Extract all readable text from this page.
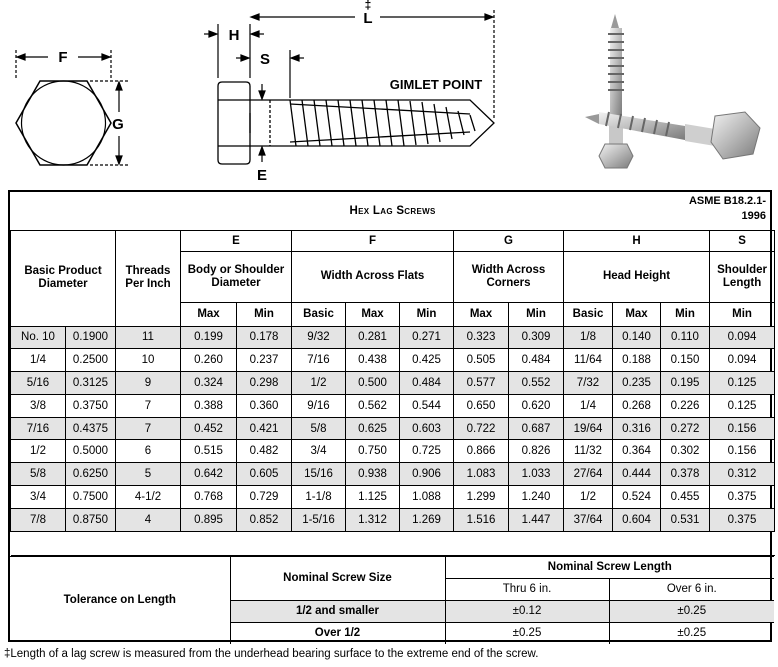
F
G
H
S
‡
L
E
GIMLET POINT
ASME B18.2.1-
1996
Hex Lag Screws													
Basic Product Diameter		Threads Per Inch	E		F			G		H			S
			Body or Shoulder Diameter		Width Across Flats			Width Across Corners		Head Height			Shoulder Length
			Max	Min	Basic	Max	Min	Max	Min	Basic	Max	Min	Min
No. 10	0.1900	11	0.199	0.178	9/32	0.281	0.271	0.323	0.309	1/8	0.140	0.110	0.094
1/4	0.2500	10	0.260	0.237	7/16	0.438	0.425	0.505	0.484	11/64	0.188	0.150	0.094
5/16	0.3125	9	0.324	0.298	1/2	0.500	0.484	0.577	0.552	7/32	0.235	0.195	0.125
3/8	0.3750	7	0.388	0.360	9/16	0.562	0.544	0.650	0.620	1/4	0.268	0.226	0.125
7/16	0.4375	7	0.452	0.421	5/8	0.625	0.603	0.722	0.687	19/64	0.316	0.272	0.156
1/2	0.5000	6	0.515	0.482	3/4	0.750	0.725	0.866	0.826	11/32	0.364	0.302	0.156
5/8	0.6250	5	0.642	0.605	15/16	0.938	0.906	1.083	1.033	27/64	0.444	0.378	0.312
3/4	0.7500	4-1/2	0.768	0.729	1-1/8	1.125	1.088	1.299	1.240	1/2	0.524	0.455	0.375
7/8	0.8750	4	0.895	0.852	1-5/16	1.312	1.269	1.516	1.447	37/64	0.604	0.531	0.375

Tolerance on Length	Nominal Screw Size	Nominal Screw Length	
		Thru 6 in.	Over 6 in.
	1/2 and smaller	±0.12	±0.25
	Over 1/2	±0.25	±0.25
‡Length of a lag screw is measured from the underhead bearing surface to the extreme end of the screw.
